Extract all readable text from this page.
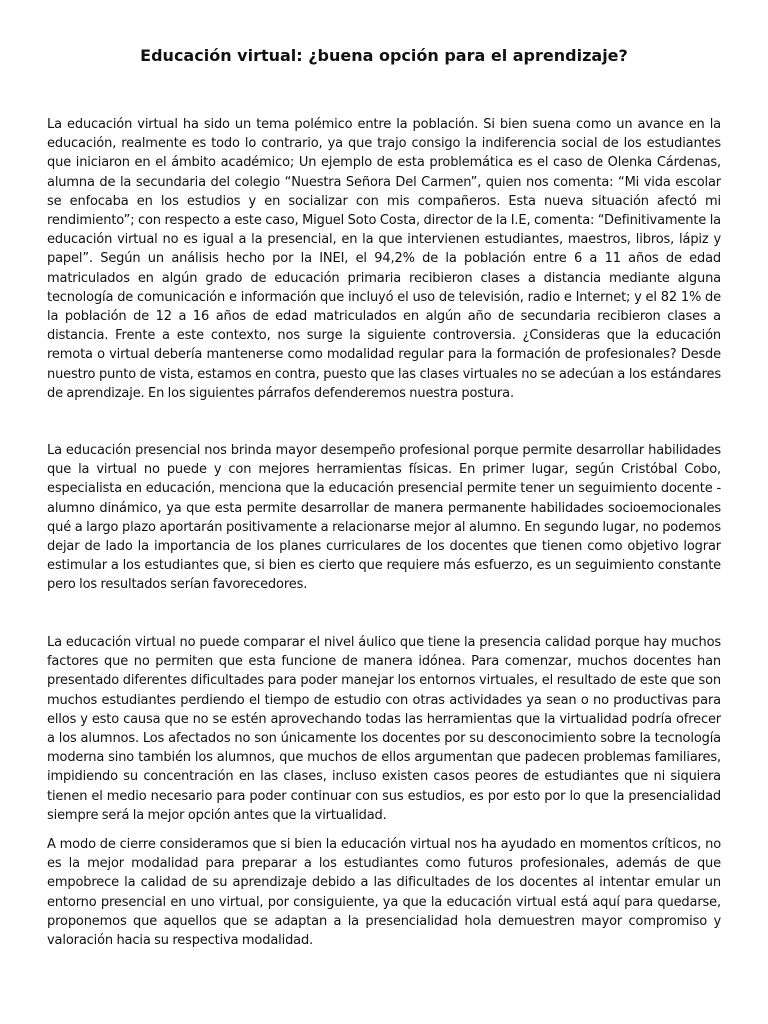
Educación virtual: ¿buena opción para el aprendizaje?

La educación virtual ha sido un tema polémico entre la población. Si bien suena como un avance en la educación, realmente es todo lo contrario, ya que trajo consigo la indiferencia social de los estudiantes que iniciaron en el ámbito académico; Un ejemplo de esta problemática es el caso de Olenka Cárdenas, alumna de la secundaria del colegio “Nuestra Señora Del Carmen”, quien nos comenta: “Mi vida escolar se enfocaba en los estudios y en socializar con mis compañeros. Esta nueva situación afectó mi rendimiento”; con respecto a este caso, Miguel Soto Costa, director de la I.E, comenta: “Definitivamente la educación virtual no es igual a la presencial, en la que intervienen estudiantes, maestros, libros, lápiz y papel”. Según un análisis hecho por la INEI, el 94,2% de la población entre 6 a 11 años de edad matriculados en algún grado de educación primaria recibieron clases a distancia mediante alguna tecnología de comunicación e información que incluyó el uso de televisión, radio e Internet; y el 82 1% de la población de 12 a 16 años de edad matriculados en algún año de secundaria recibieron clases a distancia. Frente a este contexto, nos surge la siguiente controversia. ¿Consideras que la educación remota o virtual debería mantenerse como modalidad regular para la formación de profesionales? Desde nuestro punto de vista, estamos en contra, puesto que las clases virtuales no se adecúan a los estándares de aprendizaje. En los siguientes párrafos defenderemos nuestra postura.

La educación presencial nos brinda mayor desempeño profesional porque permite desarrollar habilidades que la virtual no puede y con mejores herramientas físicas. En primer lugar, según Cristóbal Cobo, especialista en educación, menciona que la educación presencial permite tener un seguimiento docente - alumno dinámico, ya que esta permite desarrollar de manera permanente habilidades socioemocionales qué a largo plazo aportarán positivamente a relacionarse mejor al alumno. En segundo lugar, no podemos dejar de lado la importancia de los planes curriculares de los docentes que tienen como objetivo lograr estimular a los estudiantes que, si bien es cierto que requiere más esfuerzo, es un seguimiento constante pero los resultados serían favorecedores.

La educación virtual no puede comparar el nivel áulico que tiene la presencia calidad porque hay muchos factores que no permiten que esta funcione de manera idónea. Para comenzar, muchos docentes han presentado diferentes dificultades para poder manejar los entornos virtuales, el resultado de este que son muchos estudiantes perdiendo el tiempo de estudio con otras actividades ya sean o no productivas para ellos y esto causa que no se estén aprovechando todas las herramientas que la virtualidad podría ofrecer a los alumnos. Los afectados no son únicamente los docentes por su desconocimiento sobre la tecnología moderna sino también los alumnos, que muchos de ellos argumentan que padecen problemas familiares, impidiendo su concentración en las clases, incluso existen casos peores de estudiantes que ni siquiera tienen el medio necesario para poder continuar con sus estudios, es por esto por lo que la presencialidad siempre será la mejor opción antes que la virtualidad.

A modo de cierre consideramos que si bien la educación virtual nos ha ayudado en momentos críticos, no es la mejor modalidad para preparar a los estudiantes como futuros profesionales, además de que empobrece la calidad de su aprendizaje debido a las dificultades de los docentes al intentar emular un entorno presencial en uno virtual, por consiguiente, ya que la educación virtual está aquí para quedarse, proponemos que aquellos que se adaptan a la presencialidad hola demuestren mayor compromiso y valoración hacia su respectiva modalidad.
